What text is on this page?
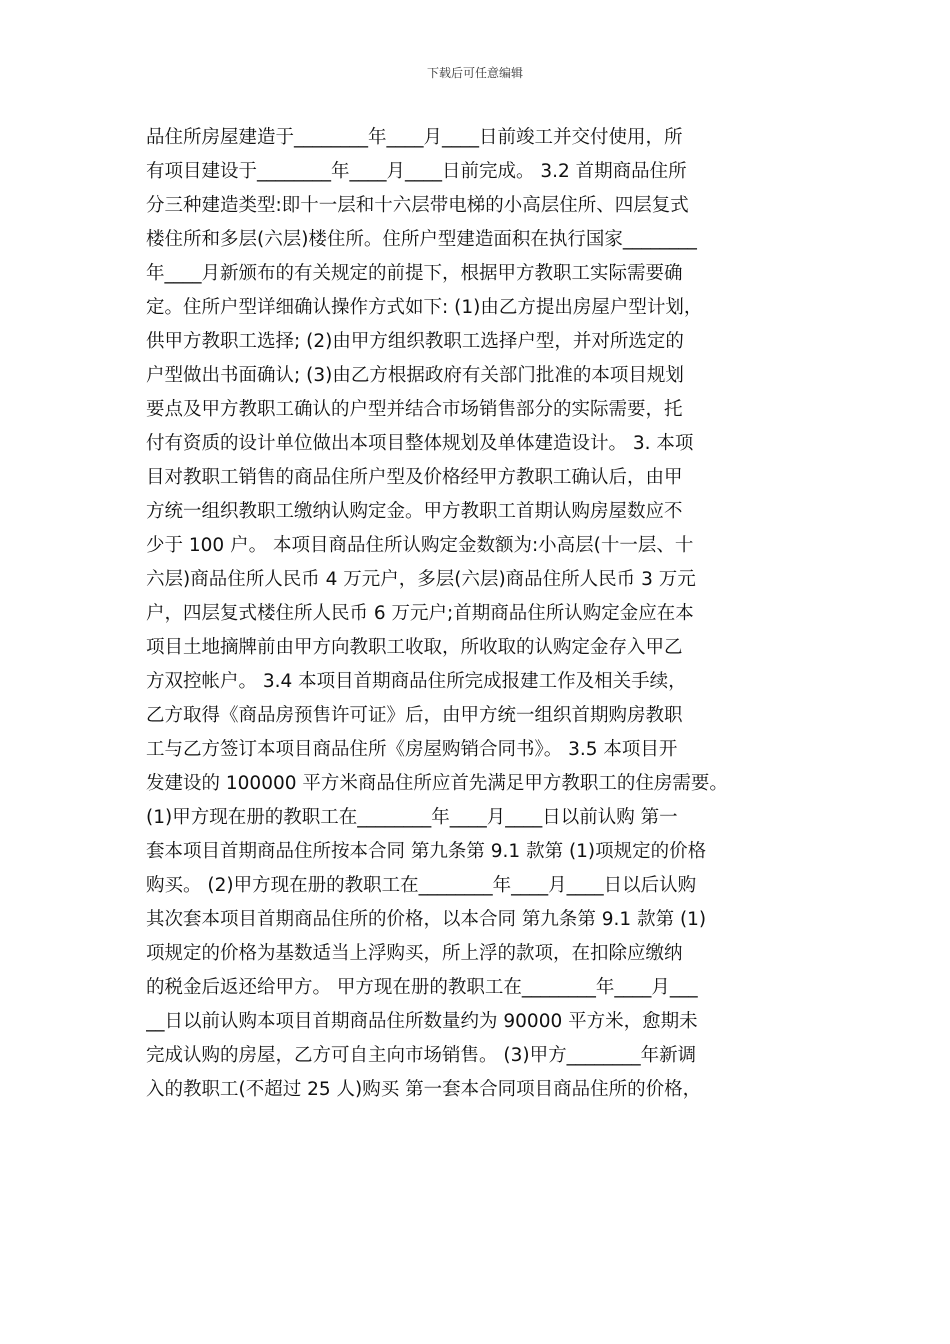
下载后可任意编辑
品住所房屋建造于________年____月____日前竣工并交付使用，所
有项目建设于________年____月____日前完成。 3.2 首期商品住所
分三种建造类型:即十一层和十六层带电梯的小高层住所、四层复式
楼住所和多层(六层)楼住所。住所户型建造面积在执行国家________
年____月新颁布的有关规定的前提下，根据甲方教职工实际需要确
定。住所户型详细确认操作方式如下: (1)由乙方提出房屋户型计划，
供甲方教职工选择; (2)由甲方组织教职工选择户型，并对所选定的
户型做出书面确认; (3)由乙方根据政府有关部门批准的本项目规划
要点及甲方教职工确认的户型并结合市场销售部分的实际需要，托
付有资质的设计单位做出本项目整体规划及单体建造设计。 3. 本项
目对教职工销售的商品住所户型及价格经甲方教职工确认后，由甲
方统一组织教职工缴纳认购定金。甲方教职工首期认购房屋数应不
少于 100 户。 本项目商品住所认购定金数额为:小高层(十一层、十
六层)商品住所人民币 4 万元户，多层(六层)商品住所人民币 3 万元
户，四层复式楼住所人民币 6 万元户;首期商品住所认购定金应在本
项目土地摘牌前由甲方向教职工收取，所收取的认购定金存入甲乙
方双控帐户。 3.4 本项目首期商品住所完成报建工作及相关手续，
乙方取得《商品房预售许可证》后，由甲方统一组织首期购房教职
工与乙方签订本项目商品住所《房屋购销合同书》。 3.5 本项目开
发建设的 100000 平方米商品住所应首先满足甲方教职工的住房需要。
(1)甲方现在册的教职工在________年____月____日以前认购 第一
套本项目首期商品住所按本合同 第九条第 9.1 款第 (1)项规定的价格
购买。 (2)甲方现在册的教职工在________年____月____日以后认购
其次套本项目首期商品住所的价格，以本合同 第九条第 9.1 款第 (1)
项规定的价格为基数适当上浮购买，所上浮的款项，在扣除应缴纳
的税金后返还给甲方。 甲方现在册的教职工在________年____月___
__日以前认购本项目首期商品住所数量约为 90000 平方米，愈期未
完成认购的房屋，乙方可自主向市场销售。 (3)甲方________年新调
入的教职工(不超过 25 人)购买 第一套本合同项目商品住所的价格，
